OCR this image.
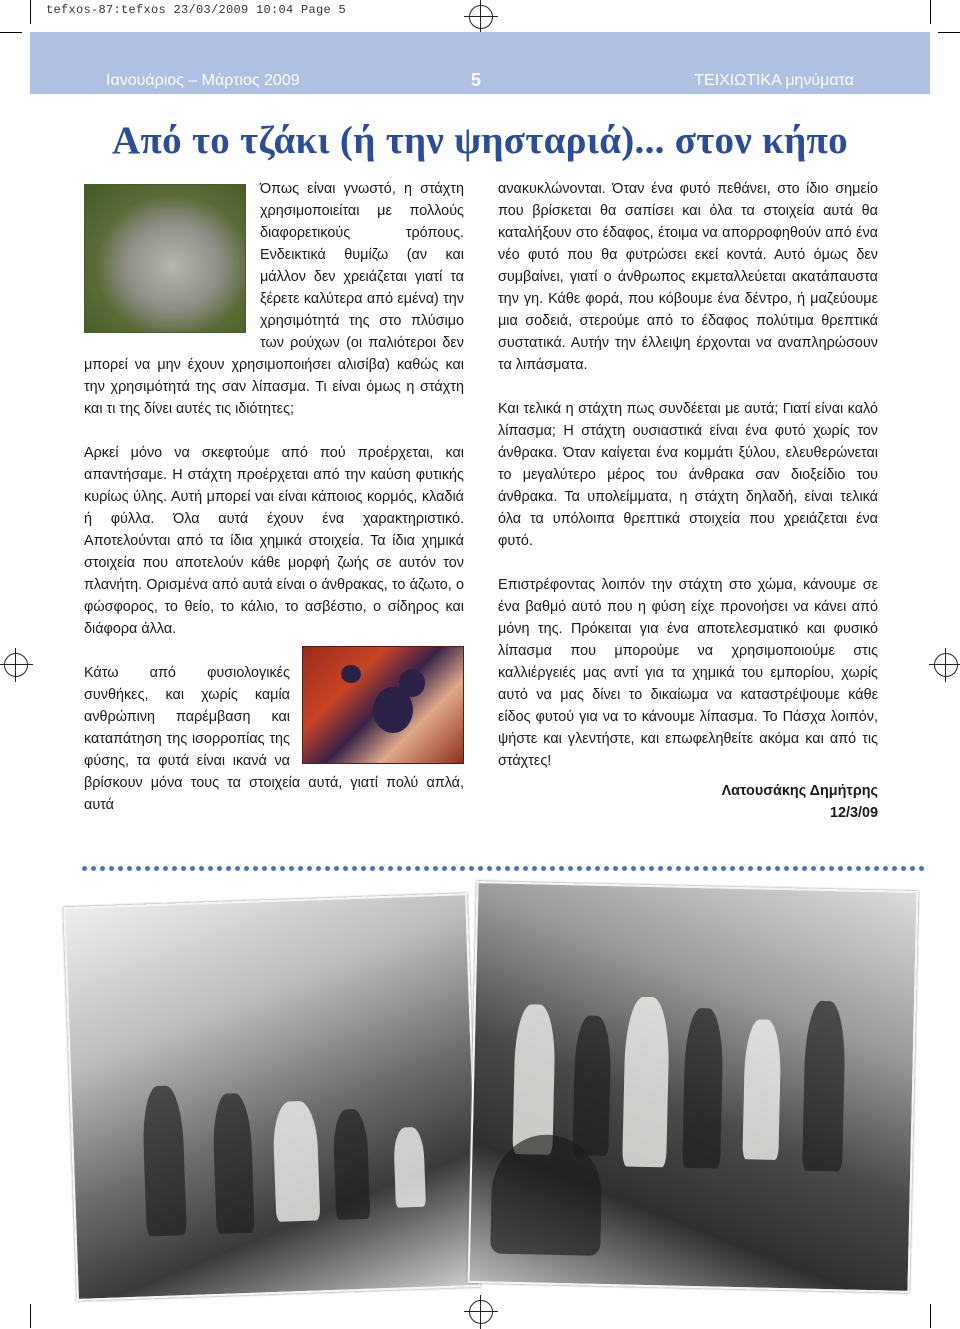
tefxos-87:tefxos 23/03/2009 10:04 Page 5
Ιανουάριος – Μάρτιος 2009	5	ΤΕΙΧΙΩΤΙΚΑ μηνύματα
Από το τζάκι (ή την ψησταριά)... στον κήπο

Όπως είναι γνωστό, η στάχτη χρησιμοποιείται με πολλούς διαφορετικούς τρόπους. Ενδεικτικά θυμίζω (αν και μάλλον δεν χρειάζεται γιατί τα ξέρετε καλύτερα από εμένα) την χρησιμότητά της στο πλύσιμο των ρούχων (οι παλιότεροι δεν μπορεί να μην έχουν χρησιμοποιήσει αλισίβα) καθώς και την χρησιμότητά της σαν λίπασμα. Τι είναι όμως η στάχτη και τι της δίνει αυτές τις ιδιότητες;

Αρκεί μόνο να σκεφτούμε από πού προέρχεται, και απαντήσαμε. Η στάχτη προέρχεται από την καύση φυτικής κυρίως ύλης. Αυτή μπορεί ναι είναι κάποιος κορμός, κλαδιά ή φύλλα. Όλα αυτά έχουν ένα χαρακτηριστικό. Αποτελούνται από τα ίδια χημικά στοιχεία. Τα ίδια χημικά στοιχεία που αποτελούν κάθε μορφή ζωής σε αυτόν τον πλανήτη. Ορισμένα από αυτά είναι ο άνθρακας, το άζωτο, ο φώσφορος, το θείο, το κάλιο, το ασβέστιο, ο σίδηρος και διάφορα άλλα.

Κάτω από φυσιολογικές συνθήκες, και χωρίς καμία ανθρώπινη παρέμβαση και καταπάτηση της ισορροπίας της φύσης, τα φυτά είναι ικανά να βρίσκουν μόνα τους τα στοιχεία αυτά, γιατί πολύ απλά, αυτά

ανακυκλώνονται. Όταν ένα φυτό πεθάνει, στο ίδιο σημείο που βρίσκεται θα σαπίσει και όλα τα στοιχεία αυτά θα καταλήξουν στο έδαφος, έτοιμα να απορροφηθούν από ένα νέο φυτό που θα φυτρώσει εκεί κοντά. Αυτό όμως δεν συμβαίνει, γιατί ο άνθρωπος εκμεταλλεύεται ακατάπαυστα την γη. Κάθε φορά, που κόβουμε ένα δέντρο, ή μαζεύουμε μια σοδειά, στερούμε από το έδαφος πολύτιμα θρεπτικά συστατικά. Αυτήν την έλλειψη έρχονται να αναπληρώσουν τα λιπάσματα.

Και τελικά η στάχτη πως συνδέεται με αυτά; Γιατί είναι καλό λίπασμα; Η στάχτη ουσιαστικά είναι ένα φυτό χωρίς τον άνθρακα. Όταν καίγεται ένα κομμάτι ξύλου, ελευθερώνεται το μεγαλύτερο μέρος του άνθρακα σαν διοξείδιο του άνθρακα. Τα υπολείμματα, η στάχτη δηλαδή, είναι τελικά όλα τα υπόλοιπα θρεπτικά στοιχεία που χρειάζεται ένα φυτό.

Επιστρέφοντας λοιπόν την στάχτη στο χώμα, κάνουμε σε ένα βαθμό αυτό που η φύση είχε προνοήσει να κάνει από μόνη της. Πρόκειται για ένα αποτελεσματικό και φυσικό λίπασμα που μπορούμε να χρησιμοποιούμε στις καλλιέργειές μας αντί για τα χημικά του εμπορίου, χωρίς αυτό να μας δίνει το δικαίωμα να καταστρέψουμε κάθε είδος φυτού για να το κάνουμε λίπασμα. Το Πάσχα λοιπόν, ψήστε και γλεντήστε, και επωφεληθείτε ακόμα και από τις στάχτες!

Λατουσάκης Δημήτρης
12/3/09
